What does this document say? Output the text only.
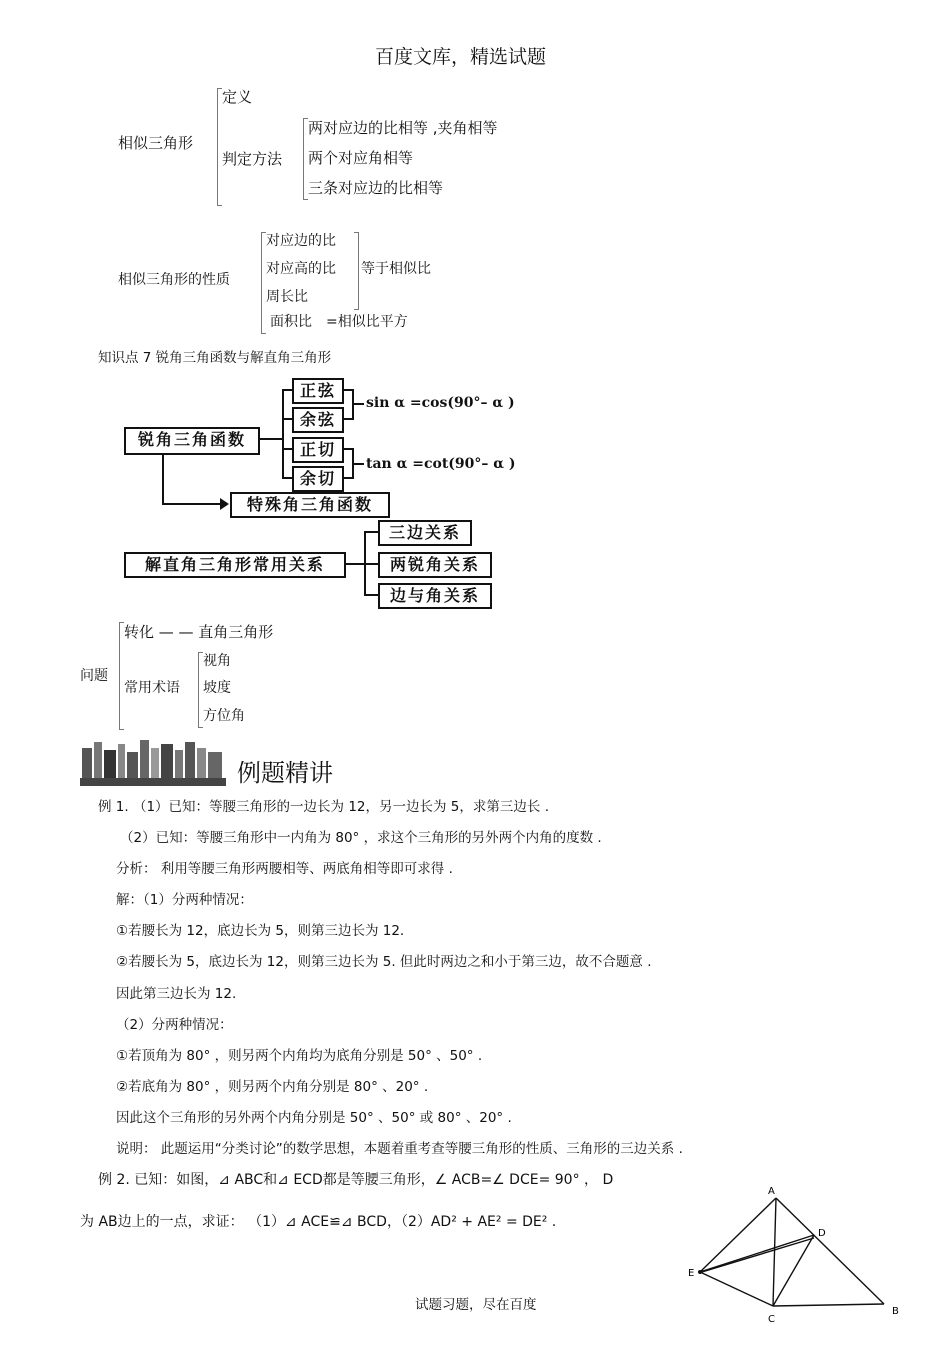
百度文库，精选试题
相似三角形
定义
判定方法
两对应边的比相等 ,夹角相等
两个对应角相等
三条对应边的比相等
相似三角形的性质
对应边的比
对应高的比
周长比
等于相似比
面积比 =相似比平方
知识点 7 锐角三角函数与解直角三角形
锐角三角函数
正弦
余弦
正切
余切
sin α =cos(90°– α )
tan α =cot(90°– α )
特殊角三角函数
解直角三角形常用关系
三边关系
两锐角关系
边与角关系
问题
转化 — — 直角三角形
常用术语
视角
坡度
方位角
例题精讲
例 1. （1）已知：等腰三角形的一边长为 12，另一边长为 5，求第三边长 .
（2）已知：等腰三角形中一内角为 80° ，求这个三角形的另外两个内角的度数 .
分析： 利用等腰三角形两腰相等、两底角相等即可求得 .
解：（1）分两种情况：
①若腰长为 12，底边长为 5，则第三边长为 12.
②若腰长为 5，底边长为 12，则第三边长为 5. 但此时两边之和小于第三边，故不合题意 .
因此第三边长为 12.
（2）分两种情况：
①若顶角为 80° ，则另两个内角均为底角分别是 50° 、50° .
②若底角为 80° ，则另两个内角分别是 80° 、20° .
因此这个三角形的另外两个内角分别是 50° 、50° 或 80° 、20° .
说明： 此题运用“分类讨论”的数学思想，本题着重考查等腰三角形的性质、三角形的三边关系 .
例 2. 已知：如图，⊿ ABC和⊿ ECD都是等腰三角形，∠ ACB=∠ DCE= 90° ， D
为 AB边上的一点，求证： （1）⊿ ACE≌⊿ BCD，（2）AD² + AE² = DE² .
A
D
E
C
B
试题习题，尽在百度
